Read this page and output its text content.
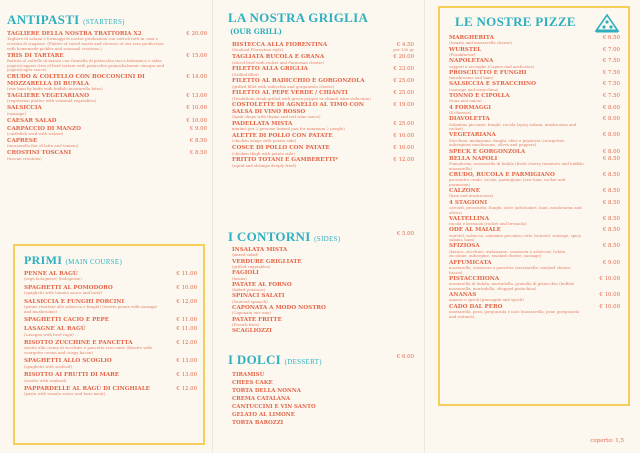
ANTIPASTI (STARTERS)
TAGLIERE DELLA NOSTRA TRATTORIA X2
Tagliere di salumi e formaggi di nostra produzione con sott'oli fatti in casa e crostini di stagione. (Platter of cured meats and cheeses of our own production with homemade pickles and seasonal croutons.)
€ 20.00
TRIS DI TARTARE
Battuta al coltello di manzo con Granella di pistacchio,tacco balsamico e salsa yogurt/capperi (trio of beef tartare with pistacchio grains/balsamic vinegar and yogurt/caper sauce)
€ 15.00
CRUDO & COLTELLO CON BOCCONCINI DI MOZZARELLA DI BUFALA
(raw ham by knife with buffalo mozzarella bites)
€ 14.00
TAGLIERE VEGETARIANO
(vegetarian platter with seasonal vegetables)
€ 13.00
SALSICCIA
(sausage)
€ 10.00
CAESAR SALAD	€ 10.00
CARPACCIO DI MANZO
(cuttlefish seed with walnut)
€ 9.00
CAPRESE
(mozzarella fior di latte and tomato)
€ 8.50
CROSTINI TOSCANI
(tuscan croutons)
€ 8.50
PRIMI (MAIN COURSE)
PENNE AL RAGÙ
(ragù bolognese) (bolognese)
€ 11.00
SPAGHETTI AL POMODORO
(spaghetti with tomato sauce and basil)
€ 10.00
SALSICCIA E FUNGHI PORCINI
(penne risottate alle salsiccia e funghi) (risotto penne with sausage and mushrooms)
€ 12.00
SPAGHETTI CACIO E PEPE	€ 11.00
LASAGNE AL RAGÙ
(Lasagna with beef ragù)
€ 11.00
RISOTTO ZUCCHINE E PANCETTA
risotto alla crema di zucchine e pancetta croccante (Risotto with courgette cream and crispy bacon)
€ 12.00
SPAGHETTI ALLO SCOGLIO
(spaghetti with seafood)
€ 13.00
RISOTTO AI FRUTTI DI MARE
(risotto with seafood)
€ 13.00
PAPPARDELLE AL RAGÙ DI CINGHIALE
(pasta with tomato sauce and boar meat)
€ 12.00
LA NOSTRA GRIGLIA
(OUR GRILL)
BISTECCA ALLA FIORENTINA
(Seafood Florentine style)
€ 4.50
per 100 gr
TAGLIATA RUCOLA E GRANA
(sliced beef with rocket and Parmesan cheese)
€ 20.00
FILETTO ALLA GRIGLIA
(Grilled fillet)
€ 23.00
FILETTO AL RADICCHIO E GORGONZOLA
(grilled fillet with radicchio and gorgonzola cheese)
€ 25.00
FILETTO AL PEPE VERDE / CHIANTI
(Tenderloin steak grilled with green pepper or chianti wine reduction)
€ 25.00
COSTOLETTE DI AGNELLO AL TIMO CON SALSA DI VINO ROSSO
(lamb chops with thyme and red wine sauce)
€ 19.00
PADELLATA MISTA
minimo per 2 persone (mixed pan for minimum 2 people)
€ 25.00
ALETTE DI POLLO CON PATATE
(chicken wings with potato side)
€ 10.00
COSCE DI POLLO CON PATATE
(chicken thigh with potato side)
€ 10.00
FRITTO TOTANI E GAMBERETTI*
(squid and shrimps deeply fried)
€ 12.00
I CONTORNI (SIDES)
€ 5.00
INSALATA MISTA
(mixed salad)
VERDURE GRIGLIATE
(grilled vegetables)
FAGIOLI
(beans)
PATATE AL FORNO
(baked potatoes)
SPINACI SALATI
(Sauteed spinach)
CAPONATA A MODO NOSTRO
(Caponata our way)
PATATE FRITTE
(French fries)
SCAGLIOZZI
I DOLCI (DESSERT)
€ 6.00
TIRAMISÙ
CHEES CAKE
TORTA DELLA NONNA
CREMA CATALANA
CANTUCCINI E VIN SANTO
GELATO AL LIMONE
TORTA BAROZZI
LE NOSTRE PIZZE
MARGHERITA
(tomato and mozzarella cheese)
€ 6.50
WURSTEL
(Frankfurter)
€ 7.00
NAPOLETANA
capperi e acciughe (Capers and anchovies)
€ 7.50
PROSCIUTTO E FUNGHI
(mushrooms and ham)
€ 7.50
SALSICCIA E STRACCHINO
(sausage and stracchino)
€ 7.50
TONNO E CIPOLLA
(tuna and onion)
€ 7.50
4 FORMAGGI
(4 cheeses)
€ 8.00
DIAVOLETTA
Salamino piccante, funghi, rucola (spicy salami, mushrooms and rocket)
€ 8.00
VEGETARIANA
Zucchine, melanzane, funghi, olive e peperoni (courgettes, aubergines mushrooms, olives and peppers)
€ 8.00
SPECK E GORGONZOLA	€ 8.00
BELLA NAPOLI
Pomodorini, mozzarella di bufala (fresh cherry tomatoes and buffalo mozzarella)
€ 8.50
CRUDO, RUCOLA E PARMIGIANO
prosciutto crudo, rucola, parmigiano (raw ham, rocket and parmesan)
€ 8.50
CALZONE
(ham and mushrooms)
€ 8.50
4 STAGIONI
carciofi, prosciutto, funghi, olive (artichokes, ham, mushrooms and olives)
€ 8.50
VALTELLINA
rucola e bresaola (rocket and bresaola)
€ 8.50
ODE AL MAIALE
wurstel, salsiccia, salamino piccante,cotto (wurstel, sausage, spicy salami, ham)
€ 8.50
SFIZIOSA
(bianca, zucchine, melanzane, scamorza e salsiccia) (white, zucchine, aubergine, smoked cheese, sausage)
€ 8.50
AFFUMICATA
mozzarella, scamorza e pancetta (mozzarella, smoked cheese, bacon)
€ 9.00
PISTACCHIONA
mozzarella di bufala, mortadella, granella di pistacchio (buffalo mozzarella, mortadella, chopped pistachios)
€ 10.00
ANANAS
ananas e speck (pineapple and speck)
€ 10.00
CADO DAL PERO
mozzarella, pera, gorgonzola e noci (mozzarella, pear, gorgonzola and walnuts)
€ 10.00
coperto: 1,5
